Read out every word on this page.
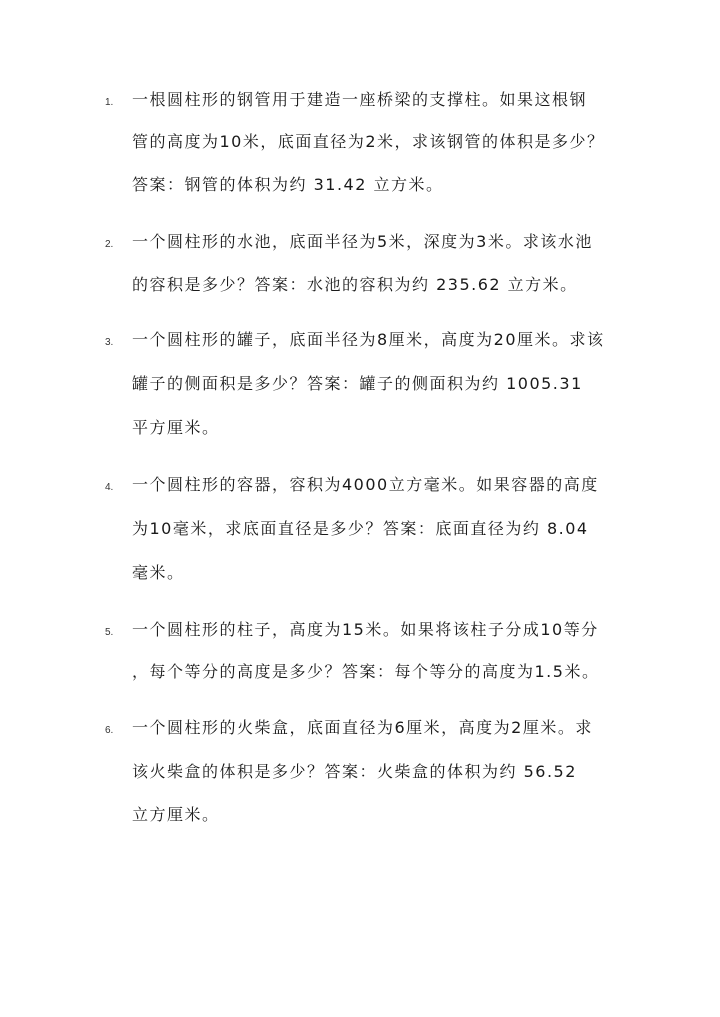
1. 一根圆柱形的钢管用于建造一座桥梁的支撑柱。如果这根钢
管的高度为10米，底面直径为2米，求该钢管的体积是多少？
答案：钢管的体积为约 31.42 立方米。
2. 一个圆柱形的水池，底面半径为5米，深度为3米。求该水池
的容积是多少？答案：水池的容积为约 235.62 立方米。
3. 一个圆柱形的罐子，底面半径为8厘米，高度为20厘米。求该
罐子的侧面积是多少？答案：罐子的侧面积为约 1005.31
平方厘米。
4. 一个圆柱形的容器，容积为4000立方毫米。如果容器的高度
为10毫米，求底面直径是多少？答案：底面直径为约 8.04
毫米。
5. 一个圆柱形的柱子，高度为15米。如果将该柱子分成10等分
，每个等分的高度是多少？答案：每个等分的高度为1.5米。
6. 一个圆柱形的火柴盒，底面直径为6厘米，高度为2厘米。求
该火柴盒的体积是多少？答案：火柴盒的体积为约 56.52
立方厘米。
